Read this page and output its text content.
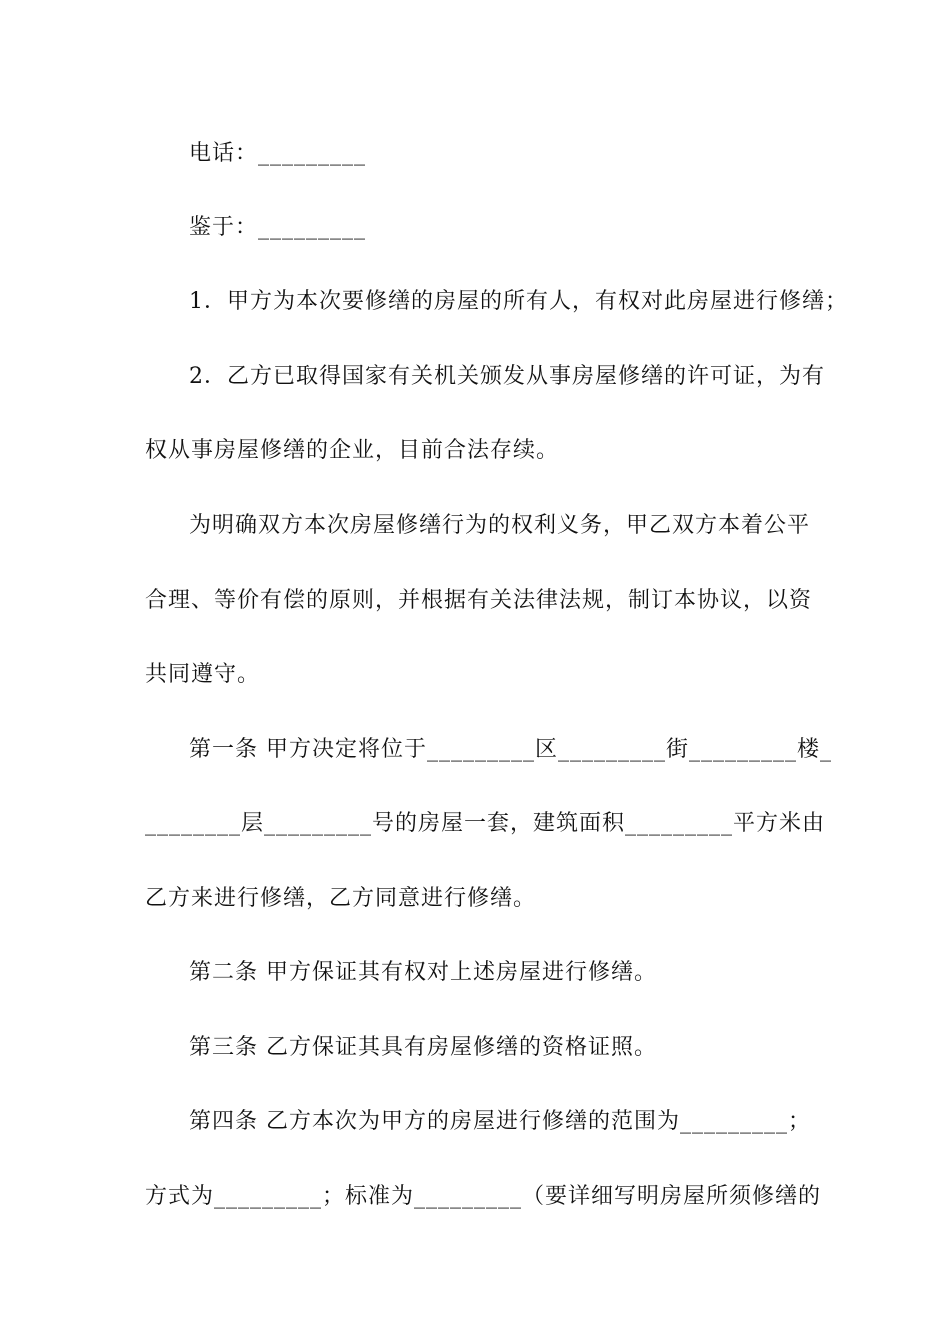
电话：_________
鉴于：_________
1．甲方为本次要修缮的房屋的所有人，有权对此房屋进行修缮；
2．乙方已取得国家有关机关颁发从事房屋修缮的许可证，为有
权从事房屋修缮的企业，目前合法存续。
为明确双方本次房屋修缮行为的权利义务，甲乙双方本着公平
合理、等价有偿的原则，并根据有关法律法规，制订本协议，以资
共同遵守。
第一条 甲方决定将位于_________区_________街_________楼_
________层_________号的房屋一套，建筑面积_________平方米由
乙方来进行修缮，乙方同意进行修缮。
第二条 甲方保证其有权对上述房屋进行修缮。
第三条 乙方保证其具有房屋修缮的资格证照。
第四条 乙方本次为甲方的房屋进行修缮的范围为_________；
方式为_________；标准为_________（要详细写明房屋所须修缮的
